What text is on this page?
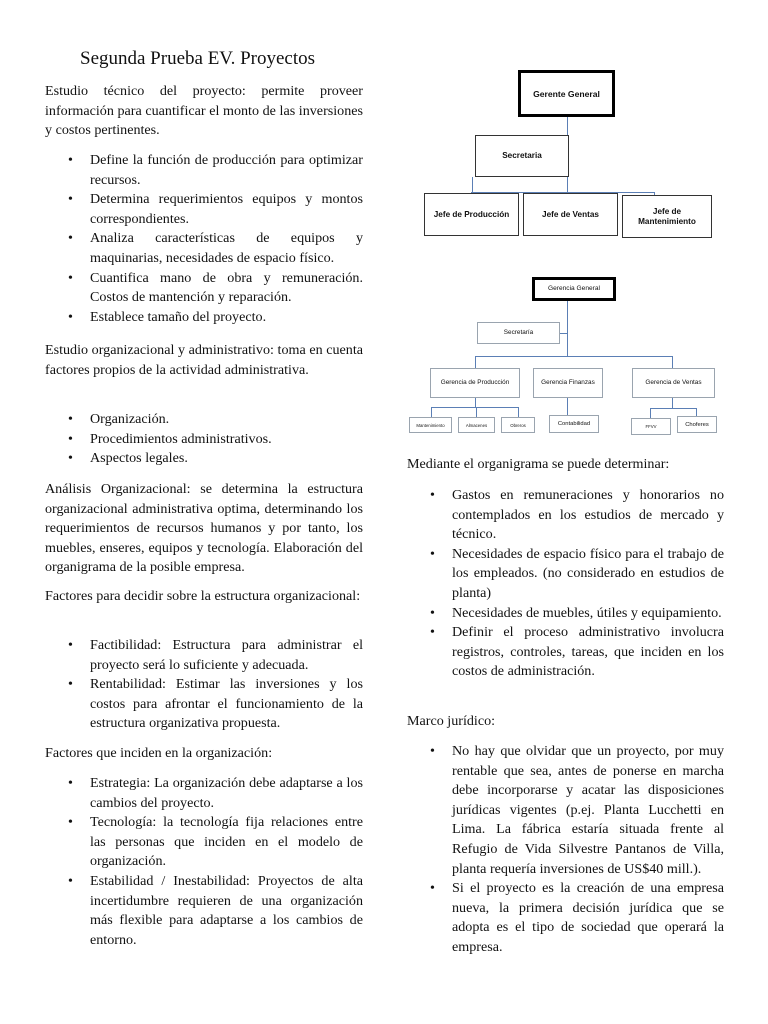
Segunda Prueba EV. Proyectos

Estudio técnico del proyecto: permite proveer información para cuantificar el monto de las inversiones y costos pertinentes.

• Define la función de producción para optimizar recursos.
• Determina requerimientos equipos y montos correspondientes.
• Analiza características de equipos y maquinarias, necesidades de espacio físico.
• Cuantifica mano de obra y remuneración. Costos de mantención y reparación.
• Establece tamaño del proyecto.

Estudio organizacional y administrativo: toma en cuenta factores propios de la actividad administrativa.

• Organización.
• Procedimientos administrativos.
• Aspectos legales.

Análisis Organizacional: se determina la estructura organizacional administrativa optima, determinando los requerimientos de recursos humanos y por tanto, los muebles, enseres, equipos y tecnología. Elaboración del organigrama de la posible empresa.

Factores para decidir sobre la estructura organizacional:

• Factibilidad: Estructura para administrar el proyecto será lo suficiente y adecuada.
• Rentabilidad: Estimar las inversiones y los costos para afrontar el funcionamiento de la estructura organizativa propuesta.

Factores que inciden en la organización:

• Estrategia: La organización debe adaptarse a los cambios del proyecto.
• Tecnología: la tecnología fija relaciones entre las personas que inciden en el modelo de organización.
• Estabilidad / Inestabilidad: Proyectos de alta incertidumbre requieren de una organización más flexible para adaptarse a los cambios de entorno.
Gerente General
Secretaria
Jefe de Producción	Jefe de Ventas	Jefe de Mantenimiento
Gerencia General
Secretaría
Gerencia de Producción	Gerencia Finanzas	Gerencia de Ventas
Mantenimiento	Almacenes	Obreros	Contabilidad	FFVV	Choferes

Mediante el organigrama se puede determinar:

• Gastos en remuneraciones y honorarios no contemplados en los estudios de mercado y técnico.
• Necesidades de espacio físico para el trabajo de los empleados. (no considerado en estudios de planta)
• Necesidades de muebles, útiles y equipamiento.
• Definir el proceso administrativo involucra registros, controles, tareas, que inciden en los costos de administración.

Marco jurídico:

• No hay que olvidar que un proyecto, por muy rentable que sea, antes de ponerse en marcha debe incorporarse y acatar las disposiciones jurídicas vigentes (p.ej. Planta Lucchetti en Lima. La fábrica estaría situada frente al Refugio de Vida Silvestre Pantanos de Villa, planta requería inversiones de US$40 mill.).
• Si el proyecto es la creación de una empresa nueva, la primera decisión jurídica que se adopta es el tipo de sociedad que operará la empresa.
